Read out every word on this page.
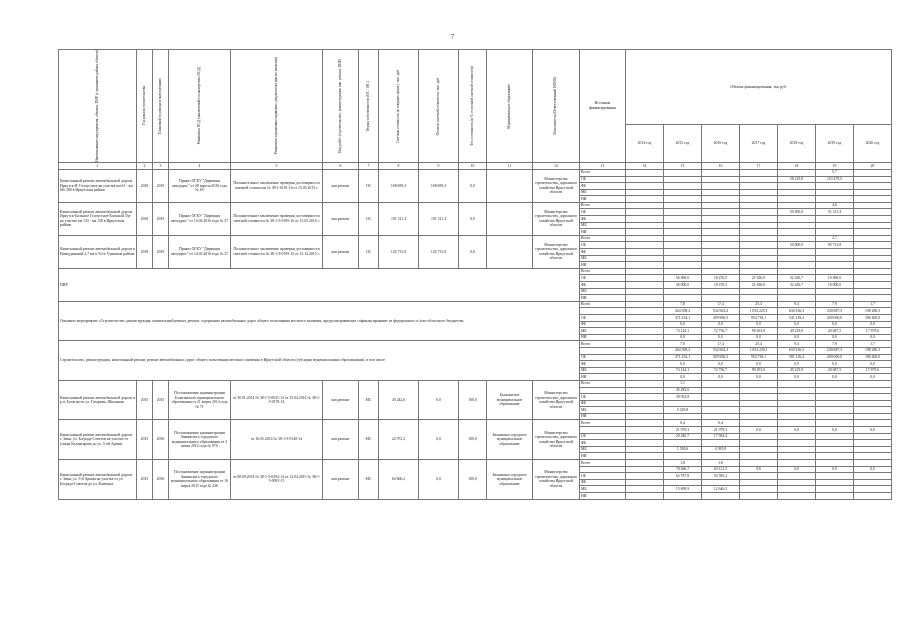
7
Наименование мероприятия, объекта, ПИР (с указанием района области)	Год начала строительства	Плановый год ввода в эксплуатацию	Реквизиты ПСД (заключений госэкспертизы ПСД)	Реквизиты нормативно-правовых документов (при их наличии)	Вид работ (строительство, реконструкция, кап. ремонт, ПИР)	Форма собственности (ОС / МС)	Сметная стоимость (в текущих ценах), тыс. руб.	Остаток сметной стоимости, тыс. руб.	Тех. готовность (в % от полной сметной стоимости)	Муниципальное образование	Исполнитель (Ответственный ИОГВ)	Источник финансирования	Объемы финансирования, тыс.руб.						
													2014 год	2015 год	2016 год	2017 год	2018 год	2019 год	2020 год
1	2	3	4	5	6	7	8	9	10	11	12	13	14	15	16	17	18	19	20
Капитальный ремонт автомобильной дороги Иркутск-Я. Голоустное на участке км 61 - км 66+200 в Иркутском районе	2018	2019	Приказ ОГКУ "Дирекция автодорог" от 28 апреля 2016 года № 65	Положительное заключение проверки достоверности сметной стоимости № 38-1-0181-16 от 15.05.2015 г.	кап.ремонт	ОС	168 699,3	168 699,3	0,0		Министерство строительства, дорожного хозяйства Иркутской области	Всего						5,7	
												ОБ					58 219,8	110 479,5	
												ФБ							
												МБ							
												НИ							
Капитальный ремонт автомобильной дороги Иркутск-Большое Голоустное-Большой Луг на участке км 133 - км 138 в Иркутском районе	2018	2019	Приказ ОГКУ "Дирекция автодорог" от 14.03.2016 года № 37	Положительное заключение проверки достоверности сметной стоимости № 38-1-5-0185-16 от 15.03.2016 г.	кап.ремонт	ОС	101 311,4	101 311,4	0,0		Министерство строительства, дорожного хозяйства Иркутской области	Всего						4,6	
												ОБ					50 000,0	51 311,4	
												ФБ							
												МБ							
												НИ							
Капитальный ремонт автомобильной дороги в Новоудинский 2,7 км в Усть-Удинском районе	2018	2019	Приказ ОГКУ "Дирекция автодорог" от 14.03.2016 года № 37	Положительное заключение проверки достоверности сметной стоимости № 38-1-5-0195-15 от 21.12.2015 г.	кап.ремонт	ОС	145 731,8	145 731,8	0,0		Министерство строительства, дорожного хозяйства Иркутской области	Всего						2,7	
												ОБ					50 000,0	95 731,8	
												ФБ							
												МБ							
												НИ							
ПИР												Всего							
												ОБ		56 000,0	18 476,5	21 630,0	32 436,7	10 000,0	
												ФБ		56 000,0	18 476,5	21 630,0	32 436,7	10 000,0	
												МБ							
												НИ							
Основное мероприятие «Строительство, реконструкция, капитальный ремонт, ремонт, содержание автомобильных дорог общего пользования местного значения, предусматривающее софинансирование из федерального и /или областного бюджетов»												Всего		7,8	17,4	25,4	9,4	7,9	1,7
														444 398,2	532 663,2	1 054 229,1	630 336,3	230 687,5	198 286,5
												ОБ		371 254,1	459 906,5	954 738,1	541 118,4	200 000,0	180 400,0
												ФБ		0,0	0,0	0,0	0,0	0,0	0,0
												МБ		74 144,1	72 756,7	99 491,0	49 219,8	20 687,5	17 879,6
												НИ		0,0	0,0	0,0	0,0	0,0	0,0
Строительство, реконструкция, капитальный ремонт, ремонт автомобильных дорог общего пользования местного значения в Иркутской области (субсидии муниципальным образованиям), в том числе												Всего		7,8	17,4	25,4	9,4	7,9	1,7
														444 398,2	532 663,2	1 054 229,1	630 336,3	230 687,5	198 286,5
												ОБ		371 254,1	459 906,5	954 738,1	581 116,4	200 000,0	180 400,0
												ФБ		0,0	0,0	0,0	0,0	0,0	0,0
												МБ		74 144,1	72 756,7	99 491,0	49 219,9	20 687,5	17 879,6
												НИ		0,0	0,0	0,0	0,0	0,0	0,0
Капитальный ремонт автомобильной дороги в р.п. Балаган по ул. Гагарина, Школьная	2015	2015	Постановление администрации Балаганского муниципального образования от 21 марта 2014 года № 71	от 30.01.2014 № 38-1-5-0031-14 от 15.04.2014 № 38-1-5-0178-14	кап.ремонт	МС	45 242,6	0,0	100,0	Балаганское муниципальное образование	Министерство строительства, дорожного хозяйства Иркутской области	Всего		1,1					
														45 282,6					
												ОБ		39 952,8					
												ФБ							
												МБ		5 329,8					
												НИ							
Капитальный ремонт автомобильной дороги г. Зима, ул. Бограда-Советов на участке от улицы Калантарова до ул. 5-ой Армии	2015	2016	Постановление администрации Зиминского городского муниципального образования от 3 июня 2014 года № 970	от 16.05.2014 № 38-1-5-0140-14	кап.ремонт	МС	22 972,2	0,0	100,0	Зиминское городское муниципальное образование	Министерство строительства, дорожного хозяйства Иркутской области	Всего		0,4	0,4				
														21 979,3	21 979,3	0,0	0,0	0,0	0,0
												ОБ		20 440,7	17 584,4				
												ФБ							
												МБ		1 538,6	4 395,9				
												НИ							
Капитальный ремонт автомобильной дороги г. Зима, ул. 5-й Армии на участке от ул. Бограда-Советов до ул. Коммуна	2015	2016	Постановление администрации Зиминского городского муниципального образования от 16 марта 2015 года № 436	от 08.09.2014 № 38-1-5-0292-14 от 14.04.2015 № 38-1-5-0091-15	кап.ремонт	МС	64 666,2	0,0	100,0	Зиминское городское муниципальное образование	Министерство строительства, дорожного хозяйства Иркутской области	Всего		1,8	1,8				
														78 466,7	63 121,5	9,6	0,0	0,0	0,0
												ОБ		62 787,8	50 585,2				
												ФБ							
												МБ		15 699,9	12 646,3				
												НИ							
